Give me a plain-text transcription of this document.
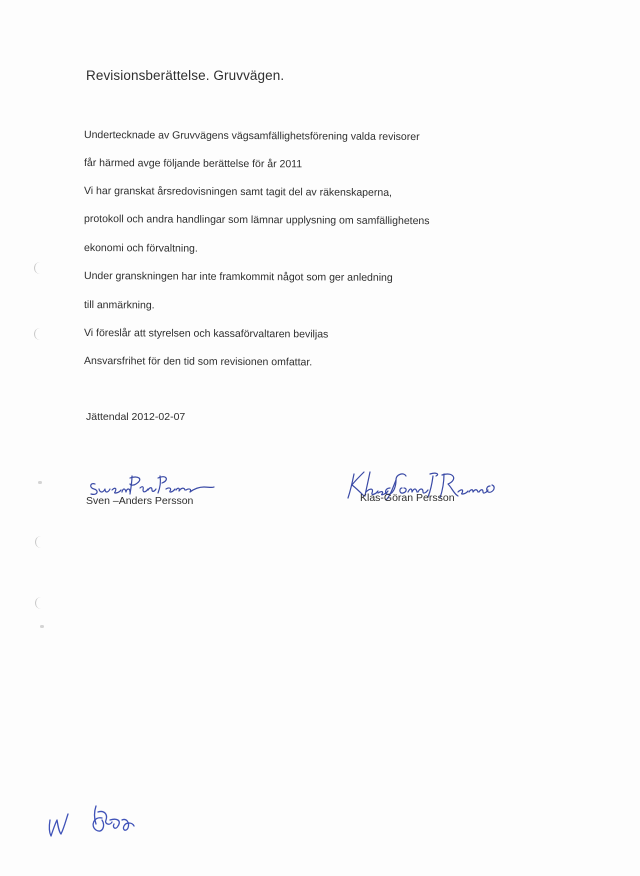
Revisionsberättelse. Gruvvägen.
Undertecknade av Gruvvägens vägsamfällighetsförening valda revisorer
får härmed avge följande berättelse för år 2011
Vi har granskat årsredovisningen samt tagit del av räkenskaperna,
protokoll och andra handlingar som lämnar upplysning om samfällighetens
ekonomi och förvaltning.
Under granskningen har inte framkommit något som ger anledning
till anmärkning.
Vi föreslår att styrelsen och kassaförvaltaren beviljas
Ansvarsfrihet för den tid som revisionen omfattar.
Jättendal 2012-02-07
Sven –Anders Persson	Klas-Göran Persson
